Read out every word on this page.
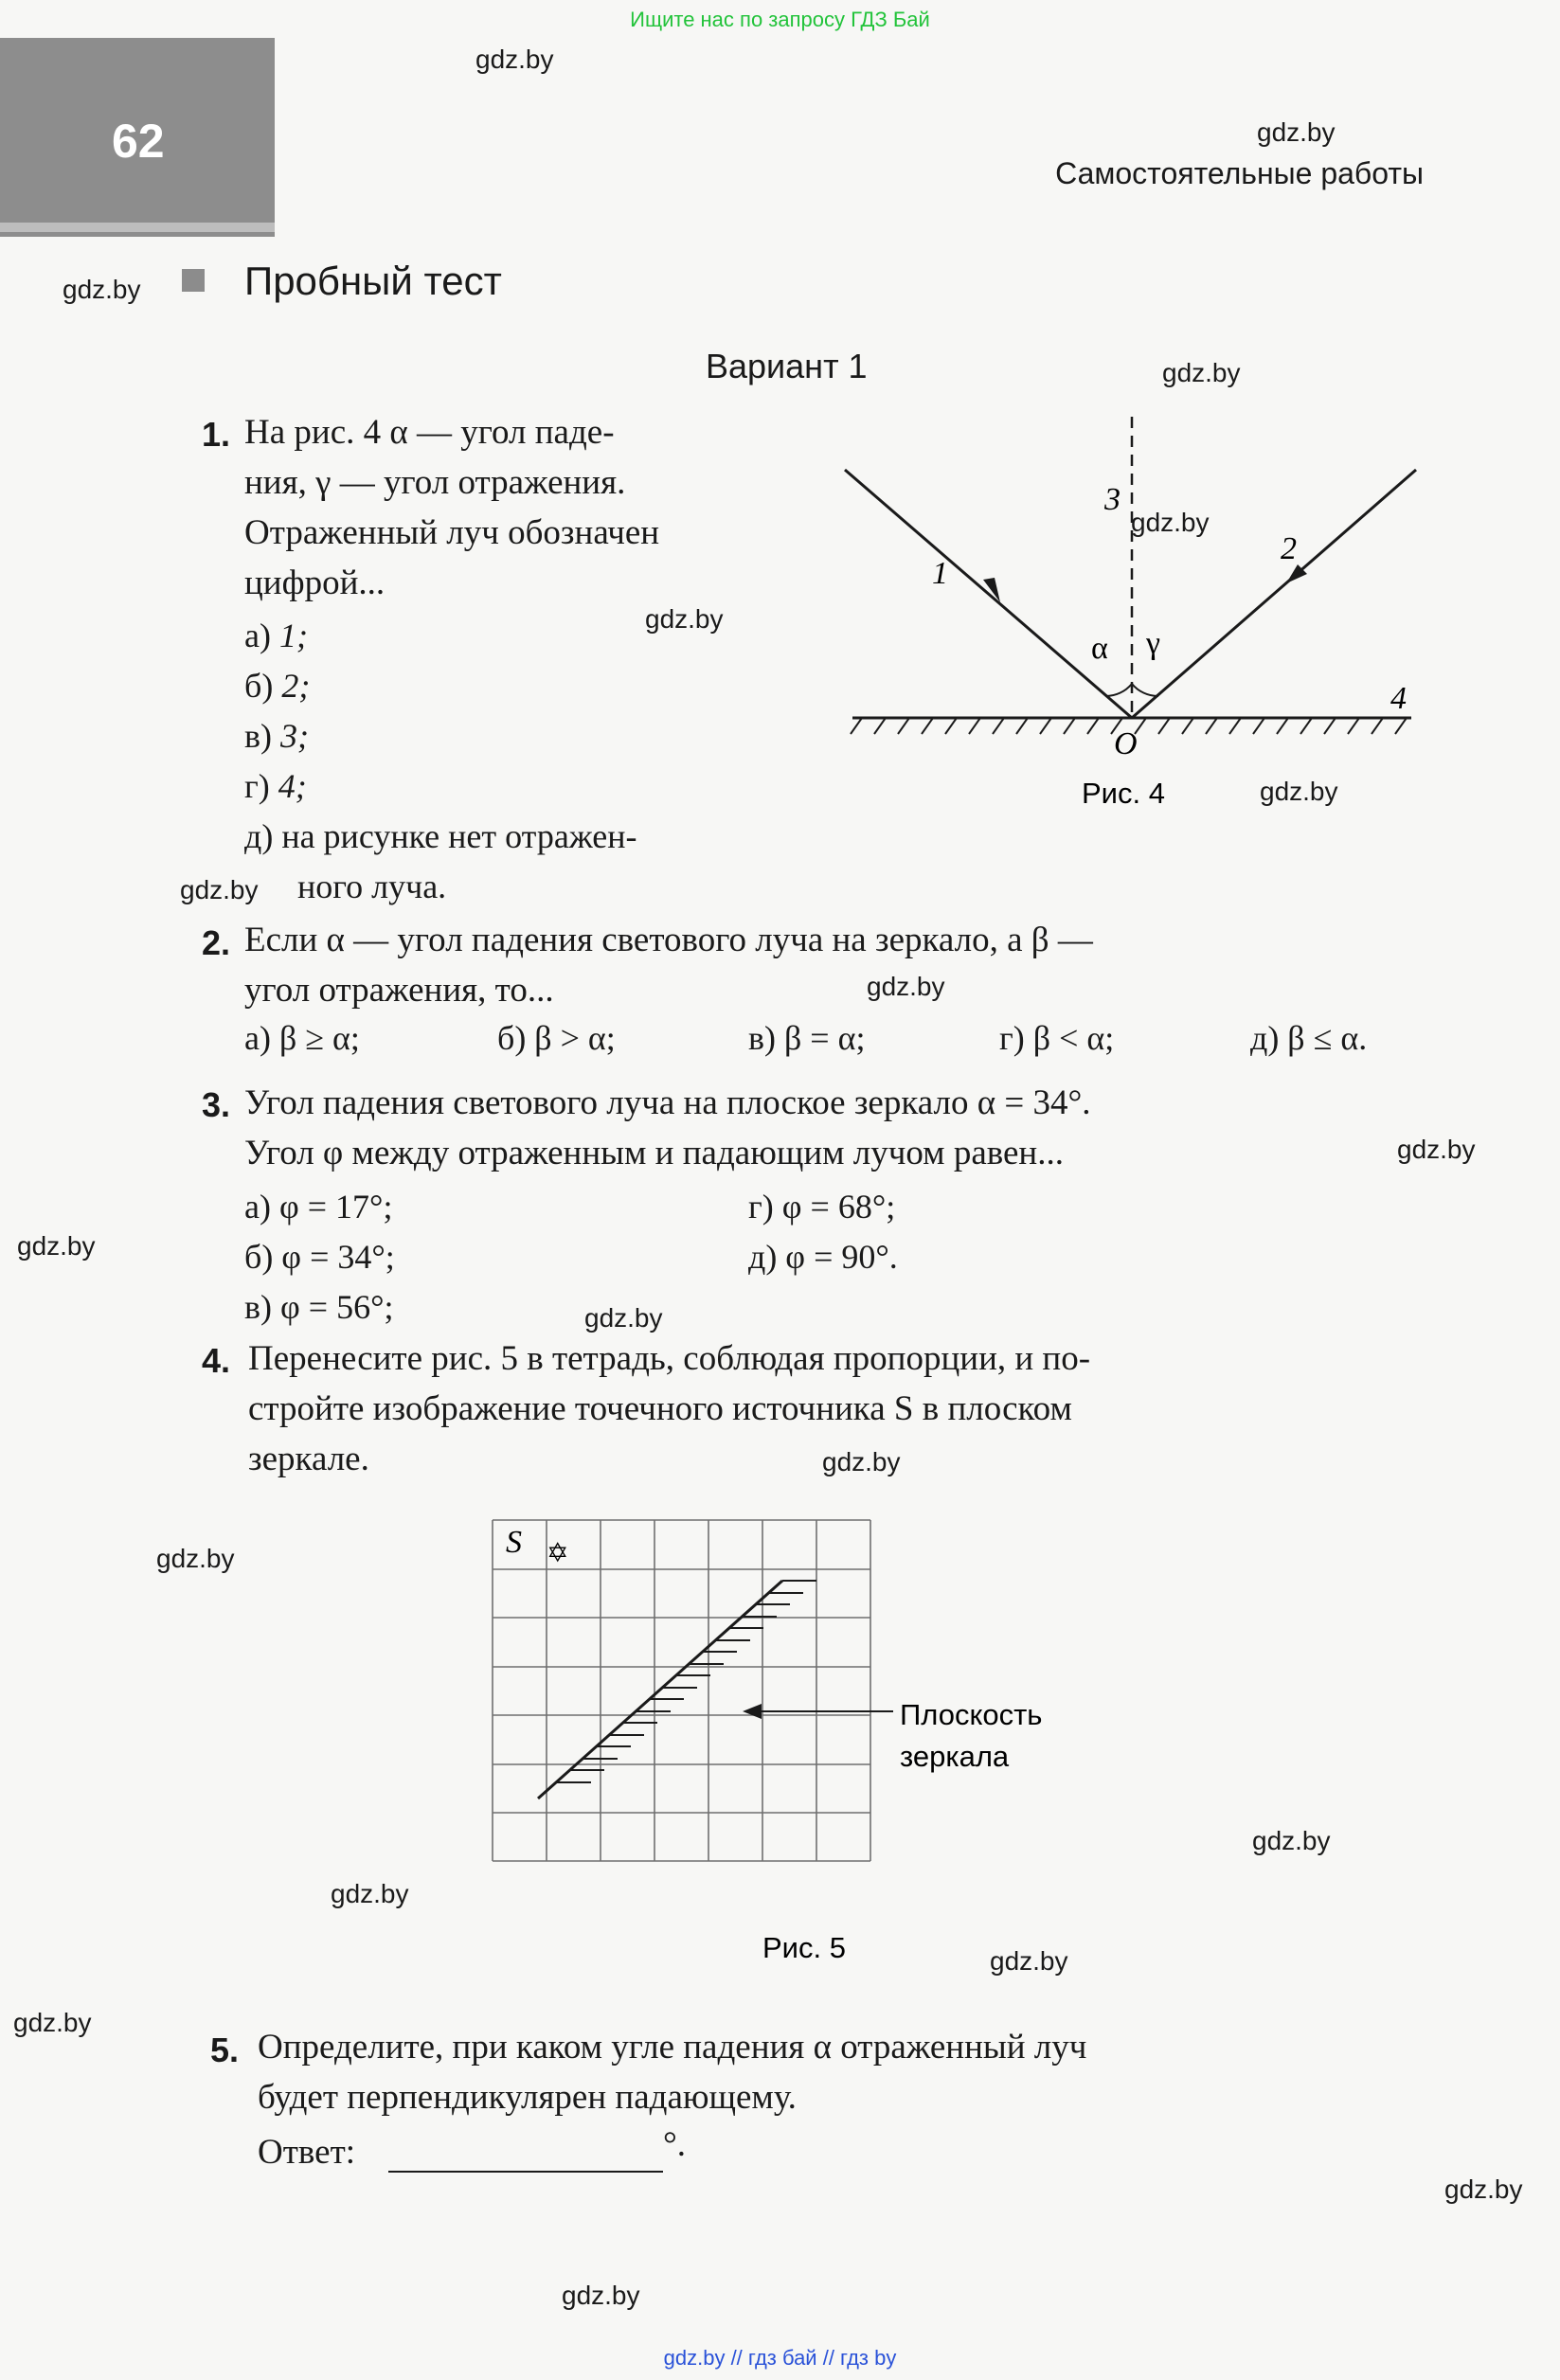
Ищите нас по запросу ГДЗ Бай
gdz.by // гдз бай // гдз by
62
Самостоятельные работы
gdz.by
gdz.by
gdz.by
gdz.by
gdz.by
gdz.by
gdz.by
gdz.by
gdz.by
gdz.by
gdz.by
gdz.by
gdz.by
gdz.by
gdz.by
gdz.by
gdz.by
gdz.by
gdz.by
gdz.by
Пробный тест
Вариант 1
1. На рис. 4 α — угол паде-
ния, γ — угол отражения.
Отраженный луч обозначен
цифрой...
а) 1;
б) 2;
в) 3;
г) 4;
д) на рисунке нет отражен-
ного луча.
1
2
3
4
O
α γ
Рис. 4
2. Если α — угол падения светового луча на зеркало, а β —
угол отражения, то...
а) β ≥ α;	б) β > α;	в) β = α;	г) β < α;	д) β ≤ α.
3. Угол падения светового луча на плоское зеркало α = 34°.
Угол φ между отраженным и падающим лучом равен...
а) φ = 17°;
б) φ = 34°;
в) φ = 56°;
г) φ = 68°;
д) φ = 90°.
4. Перенесите рис. 5 в тетрадь, соблюдая пропорции, и по-
стройте изображение точечного источника S в плоском
зеркале.
✡
S
Плоскость
зеркала
Рис. 5
5. Определите, при каком угле падения α отраженный луч
будет перпендикулярен падающему.
Ответ:	°.
